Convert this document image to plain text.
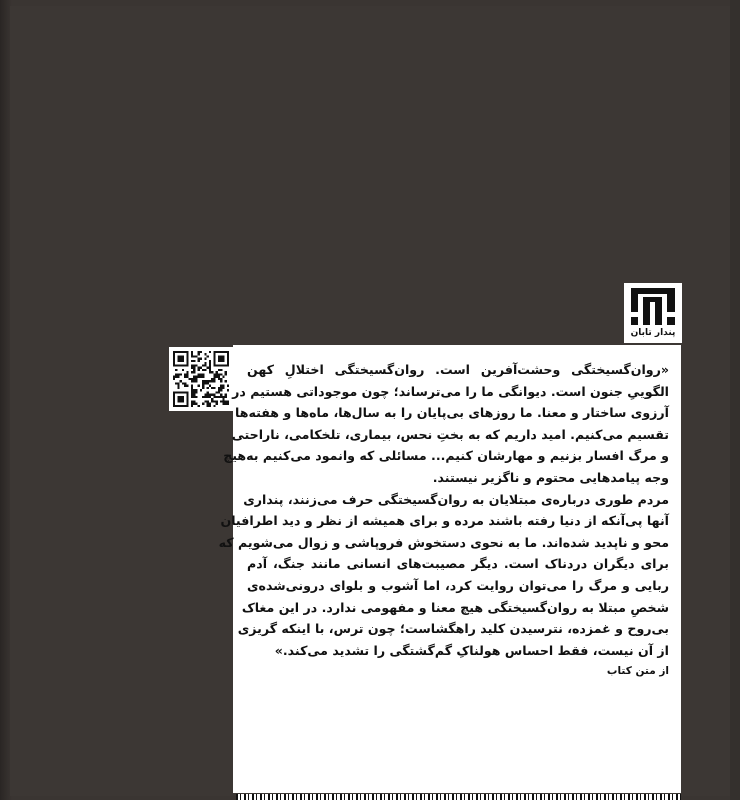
پندار تابان

«روان‌گسیختگی وحشت‌آفرین است. روان‌گسیختگی اختلالِ کهن
الگوییِ جنون است. دیوانگی ما را می‌ترساند؛ چون موجوداتی هستیم در
آرزوی ساختار و معنا. ما روزهای بی‌پایان را به سال‌ها، ماه‌ها و هفته‌ها
تقسیم می‌کنیم. امید داریم که به بختِ نحس، بیماری، تلخکامی، ناراحتی
و مرگ افسار بزنیم و مهارشان کنیم... مسائلی که وانمود می‌کنیم به‌هیچ
وجه پیامدهایی محتوم و ناگزیر نیستند.

مردم طوری درباره‌ی مبتلایان به روان‌گسیختگی حرف می‌زنند، پنداری
آنها پی‌آنکه از دنیا رفته باشند مرده و برای همیشه از نظر و دید اطرافیان
محو و ناپدید شده‌اند. ما به نحوی دستخوش فروپاشی و زوال می‌شویم که
برای دیگران دردناک است. دیگر مصیبت‌های انسانی مانند جنگ، آدم
ربایی و مرگ را می‌توان روایت کرد، اما آشوب و بلوای درونی‌شده‌ی
شخصِ مبتلا به روان‌گسیختگی هیچ معنا و مفهومی ندارد. در این مغاک
بی‌روح و غمزده، نترسیدن کلید راهگشاست؛ چون ترس، با اینکه گریزی
از آن نیست، فقط احساس هولناکِ گم‌گشتگی را تشدید می‌کند.»

از متن کتاب
